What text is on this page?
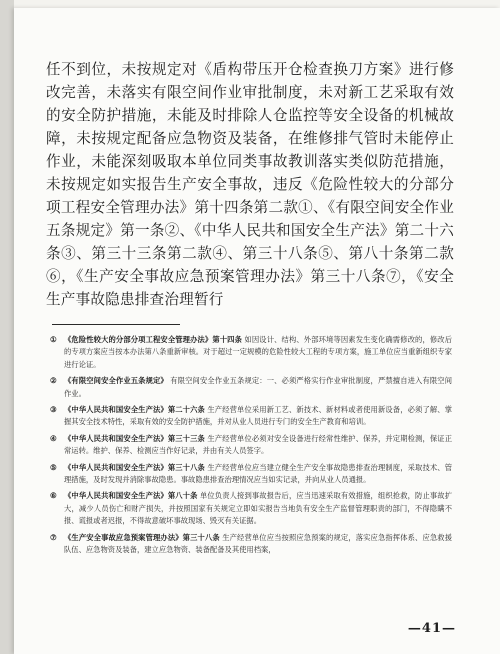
任不到位，未按规定对《盾构带压开仓检查换刀方案》进行修改完善，未落实有限空间作业审批制度，未对新工艺采取有效的安全防护措施，未能及时排除人仓监控等安全设备的机械故障，未按规定配备应急物资及装备，在维修排气管时未能停止作业，未能深刻吸取本单位同类事故教训落实类似防范措施，未按规定如实报告生产安全事故，违反《危险性较大的分部分项工程安全管理办法》第十四条第二款①、《有限空间安全作业五条规定》第一条②、《中华人民共和国安全生产法》第二十六条③、第三十三条第二款④、第三十八条⑤、第八十条第二款⑥，《生产安全事故应急预案管理办法》第三十八条⑦，《安全生产事故隐患排查治理暂行
① 《危险性较大的分部分项工程安全管理办法》第十四条 如因设计、结构、外部环境等因素发生变化确需修改的，修改后的专项方案应当按本办法第八条重新审核。对于超过一定规模的危险性较大工程的专项方案，施工单位应当重新组织专家进行论证。
② 《有限空间安全作业五条规定》 有限空间安全作业五条规定：一、必须严格实行作业审批制度，严禁擅自进入有限空间作业。
③ 《中华人民共和国安全生产法》第二十六条 生产经营单位采用新工艺、新技术、新材料或者使用新设备，必须了解、掌握其安全技术特性，采取有效的安全防护措施，并对从业人员进行专门的安全生产教育和培训。
④ 《中华人民共和国安全生产法》第三十三条 生产经营单位必须对安全设备进行经常性维护、保养，并定期检测，保证正常运转。维护、保养、检测应当作好记录，并由有关人员签字。
⑤ 《中华人民共和国安全生产法》第三十八条 生产经营单位应当建立健全生产安全事故隐患排查治理制度，采取技术、管理措施，及时发现并消除事故隐患。事故隐患排查治理情况应当如实记录，并向从业人员通报。
⑥ 《中华人民共和国安全生产法》第八十条 单位负责人接到事故报告后，应当迅速采取有效措施，组织抢救，防止事故扩大，减少人员伤亡和财产损失，并按照国家有关规定立即如实报告当地负有安全生产监督管理职责的部门，不得隐瞒不报、谎报或者迟报，不得故意破坏事故现场、毁灭有关证据。
⑦ 《生产安全事故应急预案管理办法》第三十八条 生产经营单位应当按照应急预案的规定，落实应急指挥体系、应急救援队伍、应急物资及装备，建立应急物资、装备配备及其使用档案，
—41—
